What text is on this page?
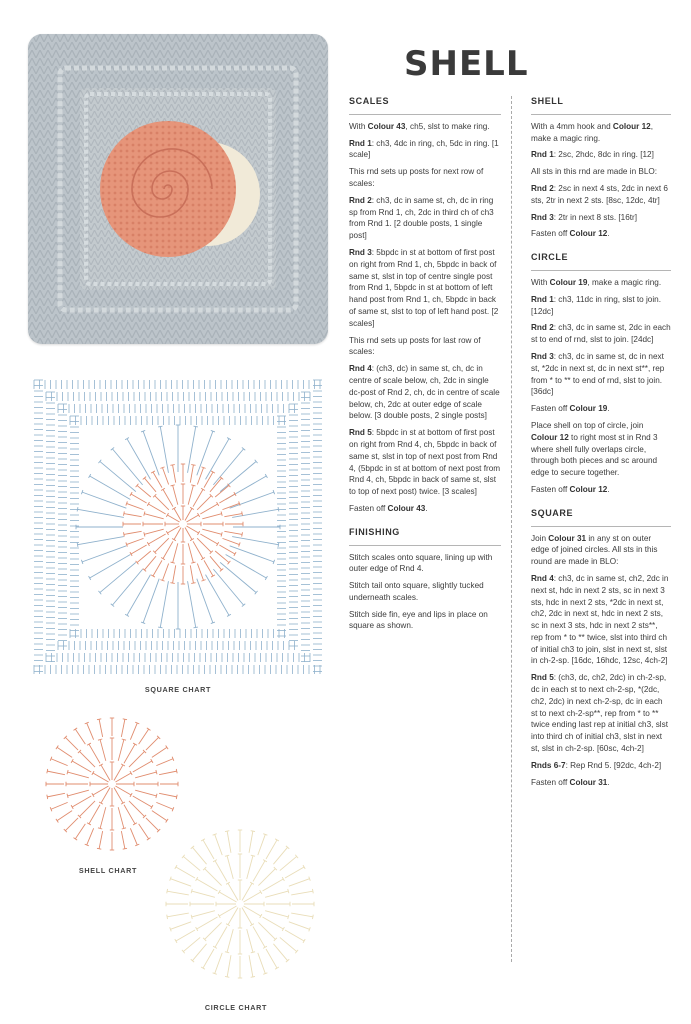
SHELL
SQUARE CHART
SHELL CHART
CIRCLE CHART
SCALES

With Colour 43, ch5, slst to make ring.

Rnd 1: ch3, 4dc in ring, ch, 5dc in ring. [1 scale]

This rnd sets up posts for next row of scales:

Rnd 2: ch3, dc in same st, ch, dc in ring sp from Rnd 1, ch, 2dc in third ch of ch3 from Rnd 1. [2 double posts, 1 single post]

Rnd 3: 5bpdc in st at bottom of first post on right from Rnd 1, ch, 5bpdc in back of same st, slst in top of centre single post from Rnd 1, 5bpdc in st at bottom of left hand post from Rnd 1, ch, 5bpdc in back of same st, slst to top of left hand post. [2 scales]

This rnd sets up posts for last row of scales:

Rnd 4: (ch3, dc) in same st, ch, dc in centre of scale below, ch, 2dc in single dc-post of Rnd 2, ch, dc in centre of scale below, ch, 2dc at outer edge of scale below. [3 double posts, 2 single posts]

Rnd 5: 5bpdc in st at bottom of first post on right from Rnd 4, ch, 5bpdc in back of same st, slst in top of next post from Rnd 4, (5bpdc in st at bottom of next post from Rnd 4, ch, 5bpdc in back of same st, slst to top of next post) twice. [3 scales]

Fasten off Colour 43.

FINISHING

Stitch scales onto square, lining up with outer edge of Rnd 4.

Stitch tail onto square, slightly tucked underneath scales.

Stitch side fin, eye and lips in place on square as shown.

SHELL

With a 4mm hook and Colour 12, make a magic ring.

Rnd 1: 2sc, 2hdc, 8dc in ring. [12]

All sts in this rnd are made in BLO:

Rnd 2: 2sc in next 4 sts, 2dc in next 6 sts, 2tr in next 2 sts. [8sc, 12dc, 4tr]

Rnd 3: 2tr in next 8 sts. [16tr]

Fasten off Colour 12.

CIRCLE

With Colour 19, make a magic ring.

Rnd 1: ch3, 11dc in ring, slst to join. [12dc]

Rnd 2: ch3, dc in same st, 2dc in each st to end of rnd, slst to join. [24dc]

Rnd 3: ch3, dc in same st, dc in next st, *2dc in next st, dc in next st**, rep from * to ** to end of rnd, slst to join. [36dc]

Fasten off Colour 19.

Place shell on top of circle, join Colour 12 to right most st in Rnd 3 where shell fully overlaps circle, through both pieces and sc around edge to secure together.

Fasten off Colour 12.

SQUARE

Join Colour 31 in any st on outer edge of joined circles. All sts in this round are made in BLO:

Rnd 4: ch3, dc in same st, ch2, 2dc in next st, hdc in next 2 sts, sc in next 3 sts, hdc in next 2 sts, *2dc in next st, ch2, 2dc in next st, hdc in next 2 sts, sc in next 3 sts, hdc in next 2 sts**, rep from * to ** twice, slst into third ch of initial ch3 to join, slst in next st, slst in ch-2-sp. [16dc, 16hdc, 12sc, 4ch-2]

Rnd 5: (ch3, dc, ch2, 2dc) in ch-2-sp, dc in each st to next ch-2-sp, *(2dc, ch2, 2dc) in next ch-2-sp, dc in each st to next ch-2-sp**, rep from * to ** twice ending last rep at initial ch3, slst into third ch of initial ch3, slst in next st, slst in ch-2-sp. [60sc, 4ch-2]

Rnds 6-7: Rep Rnd 5. [92dc, 4ch-2]

Fasten off Colour 31.
